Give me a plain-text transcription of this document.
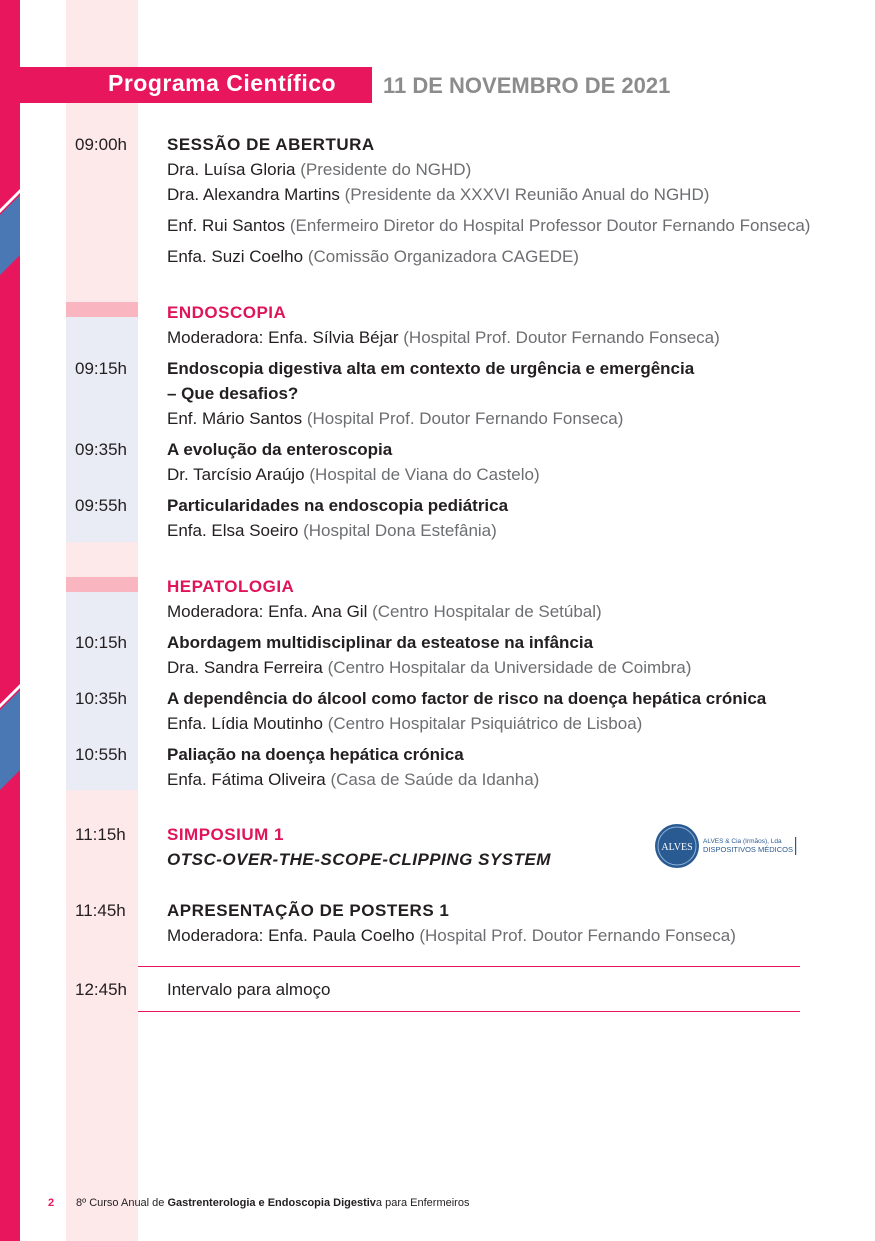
Programa Científico 11 DE NOVEMBRO DE 2021
09:00h SESSÃO DE ABERTURA
Dra. Luísa Gloria (Presidente do NGHD)
Dra. Alexandra Martins (Presidente da XXXVI Reunião Anual do NGHD)
Enf. Rui Santos (Enfermeiro Diretor do Hospital Professor Doutor Fernando Fonseca)
Enfa. Suzi Coelho (Comissão Organizadora CAGEDE)
ENDOSCOPIA
Moderadora: Enfa. Sílvia Béjar (Hospital Prof. Doutor Fernando Fonseca)
09:15h Endoscopia digestiva alta em contexto de urgência e emergência
– Que desafios?
Enf. Mário Santos (Hospital Prof. Doutor Fernando Fonseca)
09:35h A evolução da enteroscopia
Dr. Tarcísio Araújo (Hospital de Viana do Castelo)
09:55h Particularidades na endoscopia pediátrica
Enfa. Elsa Soeiro (Hospital Dona Estefânia)
HEPATOLOGIA
Moderadora: Enfa. Ana Gil (Centro Hospitalar de Setúbal)
10:15h Abordagem multidisciplinar da esteatose na infância
Dra. Sandra Ferreira (Centro Hospitalar da Universidade de Coimbra)
10:35h A dependência do álcool como factor de risco na doença hepática crónica
Enfa. Lídia Moutinho (Centro Hospitalar Psiquiátrico de Lisboa)
10:55h Paliação na doença hepática crónica
Enfa. Fátima Oliveira (Casa de Saúde da Idanha)
11:15h SIMPOSIUM 1
OTSC-OVER-THE-SCOPE-CLIPPING SYSTEM
ALVES
ALVES & Cia (Irmãos), Lda
DISPOSITIVOS MÉDICOS
11:45h APRESENTAÇÃO DE POSTERS 1
Moderadora: Enfa. Paula Coelho (Hospital Prof. Doutor Fernando Fonseca)
12:45h Intervalo para almoço
2 8º Curso Anual de Gastrenterologia e Endoscopia Digestiva para Enfermeiros
